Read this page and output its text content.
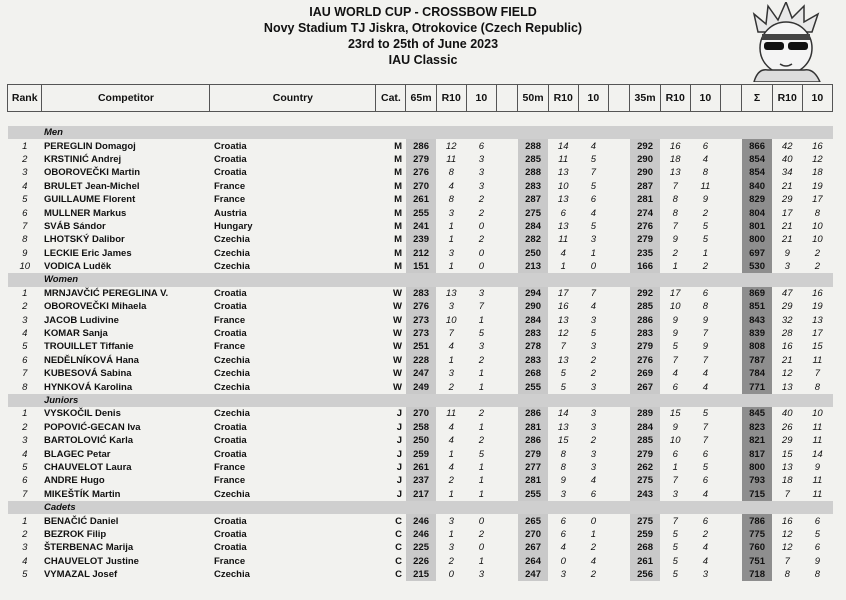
IAU WORLD CUP - CROSSBOW FIELD
Novy Stadium TJ Jiskra, Otrokovice (Czech Republic)
23rd to 25th of June 2023
IAU Classic
Rank	Competitor	Country	Cat.	65m	R10	10		50m	R10	10		35m	R10	10		Σ	R10	10

	Men																	
1	PEREGLIN Domagoj	Croatia	M	286	12	6		288	14	4		292	16	6		866	42	16
2	KRSTINIĆ Andrej	Croatia	M	279	11	3		285	11	5		290	18	4		854	40	12
3	OBOROVEČKI Martin	Croatia	M	276	8	3		288	13	7		290	13	8		854	34	18
4	BRULET Jean-Michel	France	M	270	4	3		283	10	5		287	7	11		840	21	19
5	GUILLAUME Florent	France	M	261	8	2		287	13	6		281	8	9		829	29	17
6	MULLNER Markus	Austria	M	255	3	2		275	6	4		274	8	2		804	17	8
7	SVÁB Sándor	Hungary	M	241	1	0		284	13	5		276	7	5		801	21	10
8	LHOTSKÝ Dalibor	Czechia	M	239	1	2		282	11	3		279	9	5		800	21	10
9	LECKIE Eric James	Czechia	M	212	3	0		250	4	1		235	2	1		697	9	2
10	VODICA Luděk	Czechia	M	151	1	0		213	1	0		166	1	2		530	3	2
	Women																	
1	MRNJAVČIĆ PEREGLINA V.	Croatia	W	283	13	3		294	17	7		292	17	6		869	47	16
2	OBOROVEČKI Mihaela	Croatia	W	276	3	7		290	16	4		285	10	8		851	29	19
3	JACOB Ludivine	France	W	273	10	1		284	13	3		286	9	9		843	32	13
4	KOMAR Sanja	Croatia	W	273	7	5		283	12	5		283	9	7		839	28	17
5	TROUILLET Tiffanie	France	W	251	4	3		278	7	3		279	5	9		808	16	15
6	NEDĚLNÍKOVÁ Hana	Czechia	W	228	1	2		283	13	2		276	7	7		787	21	11
7	KUBESOVÁ Sabina	Czechia	W	247	3	1		268	5	2		269	4	4		784	12	7
8	HYNKOVÁ Karolina	Czechia	W	249	2	1		255	5	3		267	6	4		771	13	8
	Juniors																	
1	VYSKOČIL Denis	Czechia	J	270	11	2		286	14	3		289	15	5		845	40	10
2	POPOVIĆ-GECAN Iva	Croatia	J	258	4	1		281	13	3		284	9	7		823	26	11
3	BARTOLOVIĆ Karla	Croatia	J	250	4	2		286	15	2		285	10	7		821	29	11
4	BLAGEC Petar	Croatia	J	259	1	5		279	8	3		279	6	6		817	15	14
5	CHAUVELOT Laura	France	J	261	4	1		277	8	3		262	1	5		800	13	9
6	ANDRE Hugo	France	J	237	2	1		281	9	4		275	7	6		793	18	11
7	MIKEŠTÍK Martin	Czechia	J	217	1	1		255	3	6		243	3	4		715	7	11
	Cadets																	
1	BENAČIĆ Daniel	Croatia	C	246	3	0		265	6	0		275	7	6		786	16	6
2	BEZROK Filip	Croatia	C	246	1	2		270	6	1		259	5	2		775	12	5
3	ŠTERBENAC Marija	Croatia	C	225	3	0		267	4	2		268	5	4		760	12	6
4	CHAUVELOT Justine	France	C	226	2	1		264	0	4		261	5	4		751	7	9
5	VYMAZAL Josef	Czechia	C	215	0	3		247	3	2		256	5	3		718	8	8
